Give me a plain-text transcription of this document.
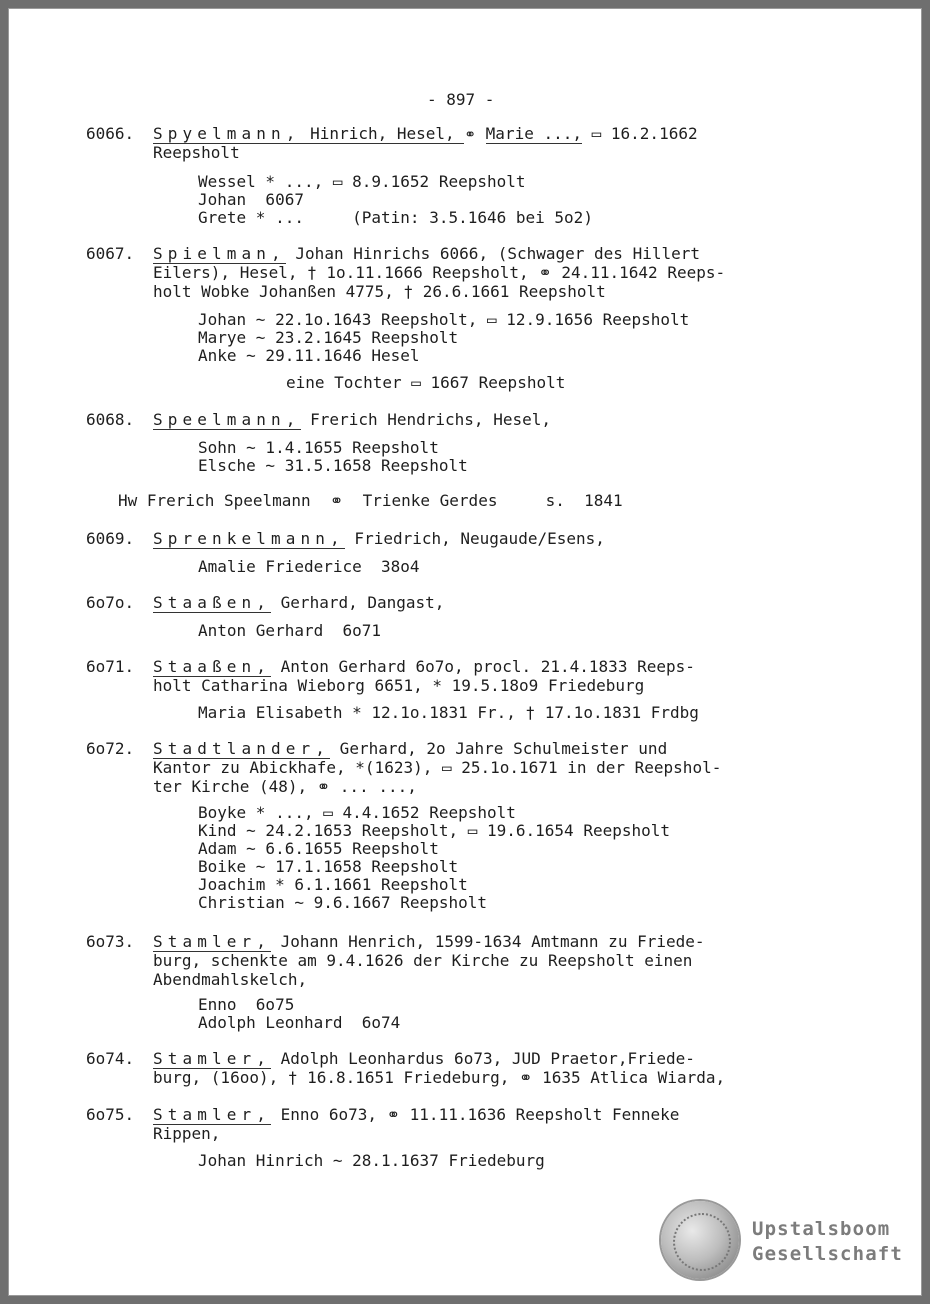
- 897 -
6066. Spyelmann, Hinrich, Hesel, ⚭ Marie ..., ▭ 16.2.1662
Reepsholt
Wessel * ..., ▭ 8.9.1652 Reepsholt
Johan  6067
Grete * ...     (Patin: 3.5.1646 bei 5o2)
6067. Spielman, Johan Hinrichs 6066, (Schwager des Hillert
Eilers), Hesel, † 1o.11.1666 Reepsholt, ⚭ 24.11.1642 Reeps-
holt Wobke Johanßen 4775, † 26.6.1661 Reepsholt
Johan ~ 22.1o.1643 Reepsholt, ▭ 12.9.1656 Reepsholt
Marye ~ 23.2.1645 Reepsholt
Anke ~ 29.11.1646 Hesel
eine Tochter ▭ 1667 Reepsholt
6068. Speelmann, Frerich Hendrichs, Hesel,
Sohn ~ 1.4.1655 Reepsholt
Elsche ~ 31.5.1658 Reepsholt
Hw Frerich Speelmann  ⚭  Trienke Gerdes     s.  1841
6069. Sprenkelmann, Friedrich, Neugaude/Esens,
Amalie Friederice  38o4
6o7o. Staaßen, Gerhard, Dangast,
Anton Gerhard  6o71
6o71. Staaßen, Anton Gerhard 6o7o, procl. 21.4.1833 Reeps-
holt Catharina Wieborg 6651, * 19.5.18o9 Friedeburg
Maria Elisabeth * 12.1o.1831 Fr., † 17.1o.1831 Frdbg
6o72. Stadtlander, Gerhard, 2o Jahre Schulmeister und
Kantor zu Abickhafe, *(1623), ▭ 25.1o.1671 in der Reepshol-
ter Kirche (48), ⚭ ... ...,
Boyke * ..., ▭ 4.4.1652 Reepsholt
Kind ~ 24.2.1653 Reepsholt, ▭ 19.6.1654 Reepsholt
Adam ~ 6.6.1655 Reepsholt
Boike ~ 17.1.1658 Reepsholt
Joachim * 6.1.1661 Reepsholt
Christian ~ 9.6.1667 Reepsholt
6o73. Stamler, Johann Henrich, 1599-1634 Amtmann zu Friede-
burg, schenkte am 9.4.1626 der Kirche zu Reepsholt einen
Abendmahlskelch,
Enno  6o75
Adolph Leonhard  6o74
6o74. Stamler, Adolph Leonhardus 6o73, JUD Praetor,Friede-
burg, (16oo), † 16.8.1651 Friedeburg, ⚭ 1635 Atlica Wiarda,
6o75. Stamler, Enno 6o73, ⚭ 11.11.1636 Reepsholt Fenneke
Rippen,
Johan Hinrich ~ 28.1.1637 Friedeburg
Upstalsboom
Gesellschaft
